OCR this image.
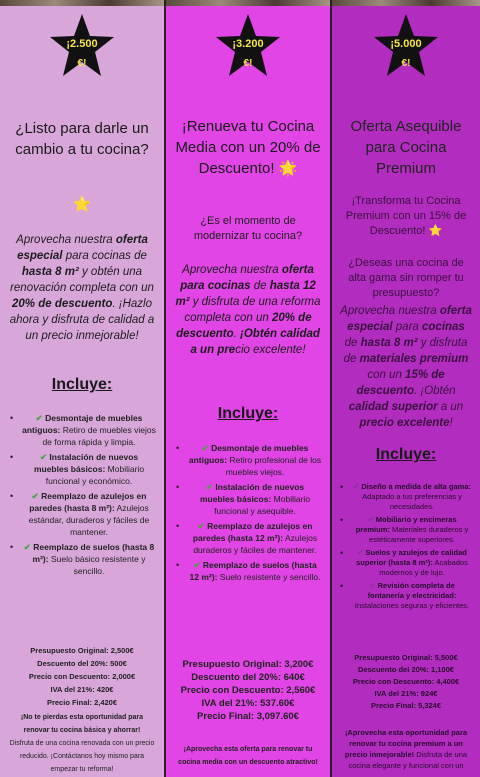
¡2.500
€!
¿Listo para darle un cambio a tu cocina?
⭐
Aprovecha nuestra oferta especial para cocinas de hasta 8 m² y obtén una renovación completa con un 20% de descuento. ¡Hazlo ahora y disfruta de calidad a un precio inmejorable!
Incluye:
• ✔ Desmontaje de muebles antiguos: Retiro de muebles viejos de forma rápida y limpia.
• ✔ Instalación de nuevos muebles básicos: Mobiliario funcional y económico.
• ✔ Reemplazo de azulejos en paredes (hasta 8 m²): Azulejos estándar, duraderos y fáciles de mantener.
• ✔ Reemplazo de suelos (hasta 8 m²): Suelo básico resistente y sencillo.
Presupuesto Original: 2,500€
Descuento del 20%: 500€
Precio con Descuento: 2,000€
IVA del 21%: 420€
Precio Final: 2,420€
¡No te pierdas esta oportunidad para renovar tu cocina básica y ahorrar!
Disfruta de una cocina renovada con un precio reducido. ¡Contáctanos hoy mismo para empezar tu reforma!
¡3.200
€!
¡Renueva tu Cocina Media con un 20% de Descuento! 🌟
¿Es el momento de modernizar tu cocina?
Aprovecha nuestra oferta para cocinas de hasta 12 m² y disfruta de una reforma completa con un 20% de descuento. ¡Obtén calidad a un precio excelente!
Incluye:
• ✔ Desmontaje de muebles antiguos: Retiro profesional de los muebles viejos.
• ✔ Instalación de nuevos muebles básicos: Mobiliario funcional y asequible.
• ✔ Reemplazo de azulejos en paredes (hasta 12 m²): Azulejos duraderos y fáciles de mantener.
• ✔ Reemplazo de suelos (hasta 12 m²): Suelo resistente y sencillo.
Presupuesto Original: 3,200€
Descuento del 20%: 640€
Precio con Descuento: 2,560€
IVA del 21%: 537.60€
Precio Final: 3,097.60€
¡Aprovecha esta oferta para renovar tu cocina media con un descuento atractivo!
¡5.000
€!
Oferta Asequible para Cocina Premium
¡Transforma tu Cocina Premium con un 15% de Descuento! ⭐
¿Deseas una cocina de alta gama sin romper tu presupuesto?
Aprovecha nuestra oferta especial para cocinas de hasta 8 m² y disfruta de materiales premium con un 15% de descuento. ¡Obtén calidad superior a un precio excelente!
Incluye:
• ✔ Diseño a medida de alta gama: Adaptado a tus preferencias y necesidades.
• ✔ Mobiliario y encimeras premium: Materiales duraderos y estéticamente superiores.
• ✔ Suelos y azulejos de calidad superior (hasta 8 m²): Acabados modernos y de lujo.
• ✔ Revisión completa de fontanería y electricidad: Instalaciones seguras y eficientes.
Presupuesto Original: 5,500€
Descuento del 20%: 1,100€
Precio con Descuento: 4,400€
IVA del 21%: 924€
Precio Final: 5,324€
¡Aprovecha esta oportunidad para renovar tu cocina premium a un precio inmejorable! Disfruta de una cocina elegante y funcional con un
